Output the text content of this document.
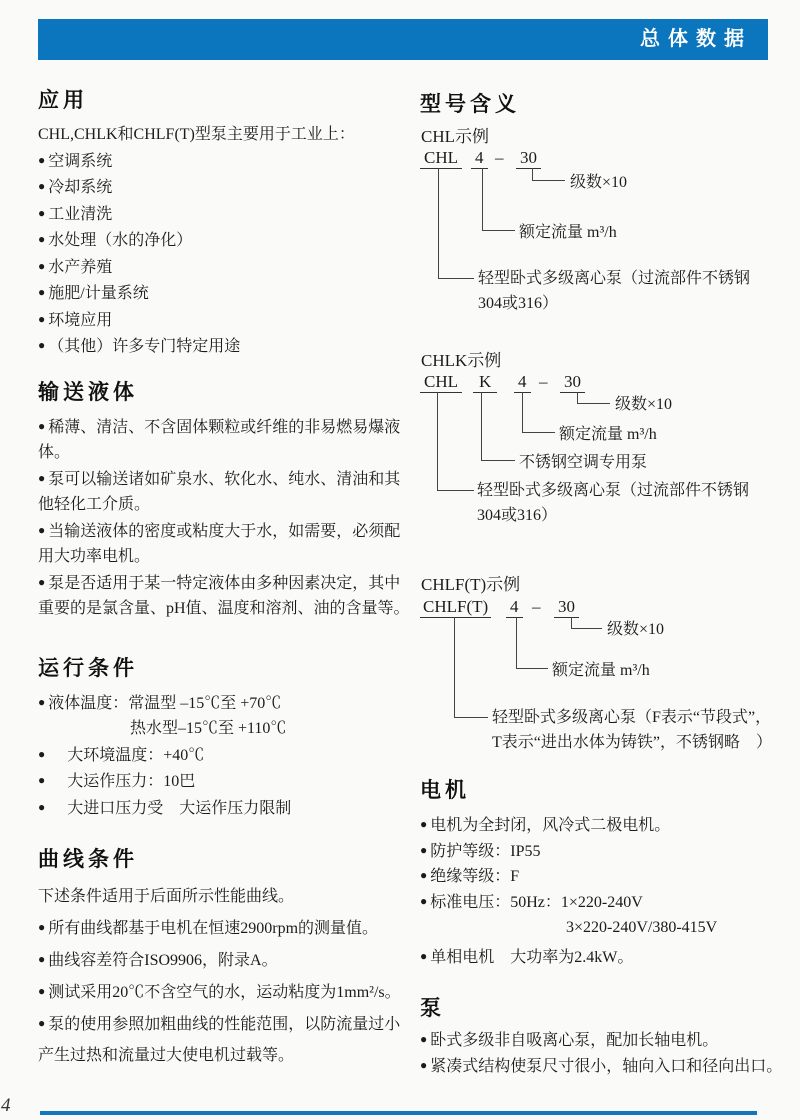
总体数据
应用

CHL,CHLK和CHLF(T)型泵主要用于工业上：

● 空调系统
● 冷却系统
● 工业清洗
● 水处理（水的净化）
● 水产养殖
● 施肥/计量系统
● 环境应用
● （其他）许多专门特定用途
输送液体

● 稀薄、清洁、不含固体颗粒或纤维的非易燃易爆液体。

● 泵可以输送诸如矿泉水、软化水、纯水、清油和其他轻化工介质。

● 当输送液体的密度或粘度大于水，如需要，必须配用大功率电机。

● 泵是否适用于某一特定液体由多种因素决定，其中　重要的是氯含量、pH值、温度和溶剂、油的含量等。

运行条件

● 液体温度：常温型 –15℃至 +70℃

热水型–15℃至 +110℃

● 大环境温度：+40℃

● 大运作压力：10巴

● 大进口压力受　大运作压力限制

曲线条件

下述条件适用于后面所示性能曲线。

● 所有曲线都基于电机在恒速2900rpm的测量值。
● 曲线容差符合ISO9906，附录A。
● 测试采用20℃不含空气的水，运动粘度为1mm²/s。
● 泵的使用参照加粗曲线的性能范围，以防流量过小产生过热和流量过大使电机过载等。
型号含义
CHL示例
CHL 4 – 30
级数×10
额定流量 m³/h
轻型卧式多级离心泵（过流部件不锈钢
304或316）
CHLK示例
CHL	K	4 – 30
级数×10
额定流量 m³/h
不锈钢空调专用泵
轻型卧式多级离心泵（过流部件不锈钢
304或316）
CHLF(T)示例
CHLF(T) 4 – 30
级数×10
额定流量 m³/h
轻型卧式多级离心泵（F表示“节段式”，
T表示“进出水体为铸铁”，不锈钢略　）
电机
● 电机为全封闭，风冷式二极电机。
● 防护等级：IP55
● 绝缘等级：F
● 标准电压：50Hz：1×220-240V
3×220-240V/380-415V
● 单相电机　大功率为2.4kW。
泵
● 卧式多级非自吸离心泵，配加长轴电机。
● 紧凑式结构使泵尺寸很小，轴向入口和径向出口。
4
